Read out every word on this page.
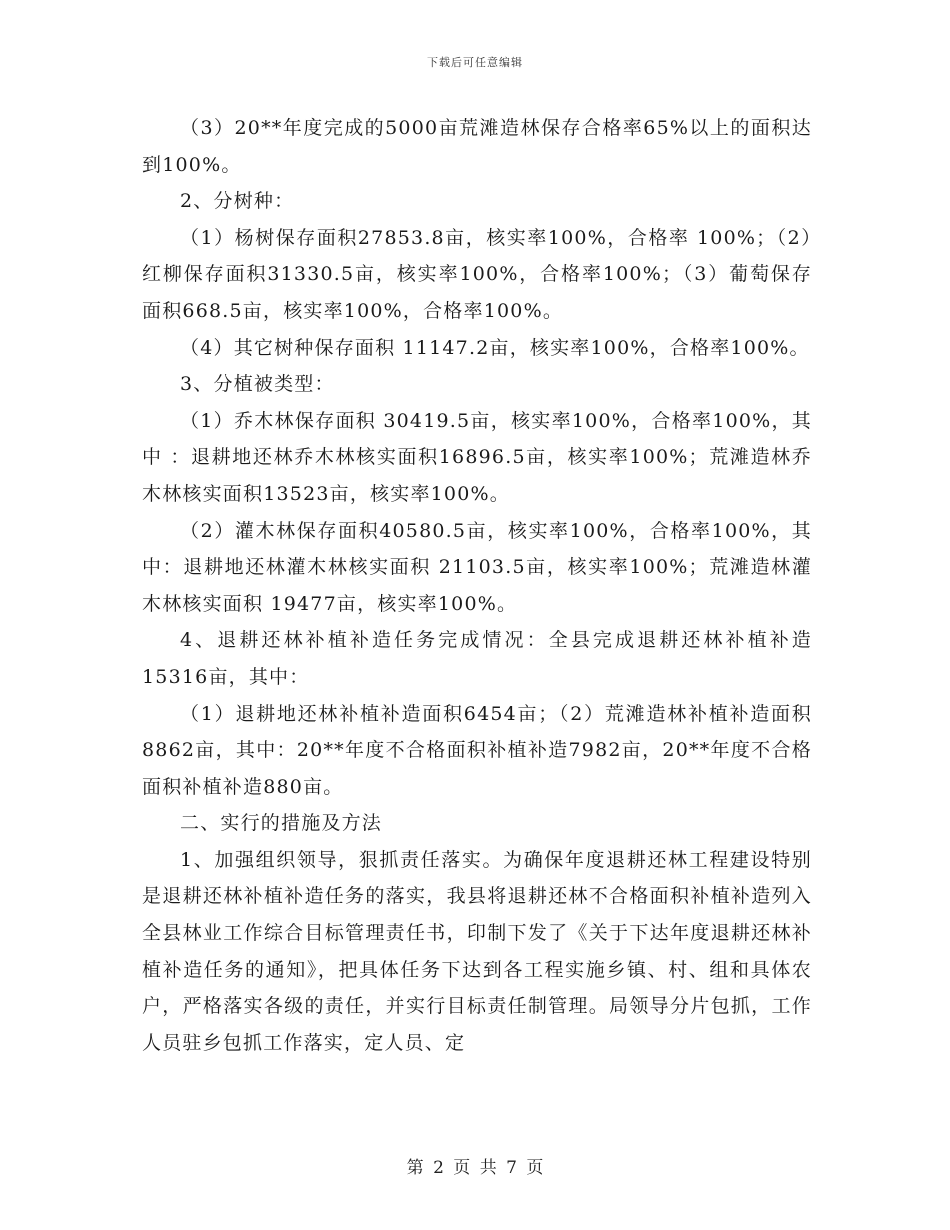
下载后可任意编辑

（3）20**年度完成的5000亩荒滩造林保存合格率65%以上的面积达到100%。

2、分树种：

（1）杨树保存面积27853.8亩，核实率100%，合格率 100%；（2）红柳保存面积31330.5亩，核实率100%，合格率100%；（3）葡萄保存面积668.5亩，核实率100%，合格率100%。

（4）其它树种保存面积 11147.2亩，核实率100%，合格率100%。

3、分植被类型：

（1）乔木林保存面积 30419.5亩，核实率100%，合格率100%，其中 ：退耕地还林乔木林核实面积16896.5亩，核实率100%；荒滩造林乔木林核实面积13523亩，核实率100%。

（2）灌木林保存面积40580.5亩，核实率100%，合格率100%，其中：退耕地还林灌木林核实面积 21103.5亩，核实率100%；荒滩造林灌木林核实面积 19477亩，核实率100%。

4、退耕还林补植补造任务完成情况：全县完成退耕还林补植补造15316亩，其中：

（1）退耕地还林补植补造面积6454亩；（2）荒滩造林补植补造面积8862亩，其中：20**年度不合格面积补植补造7982亩，20**年度不合格面积补植补造880亩。

二、实行的措施及方法

1、加强组织领导，狠抓责任落实。为确保年度退耕还林工程建设特别是退耕还林补植补造任务的落实，我县将退耕还林不合格面积补植补造列入全县林业工作综合目标管理责任书，印制下发了《关于下达年度退耕还林补植补造任务的通知》，把具体任务下达到各工程实施乡镇、村、组和具体农户，严格落实各级的责任，并实行目标责任制管理。局领导分片包抓，工作人员驻乡包抓工作落实，定人员、定

第 2 页 共 7 页
